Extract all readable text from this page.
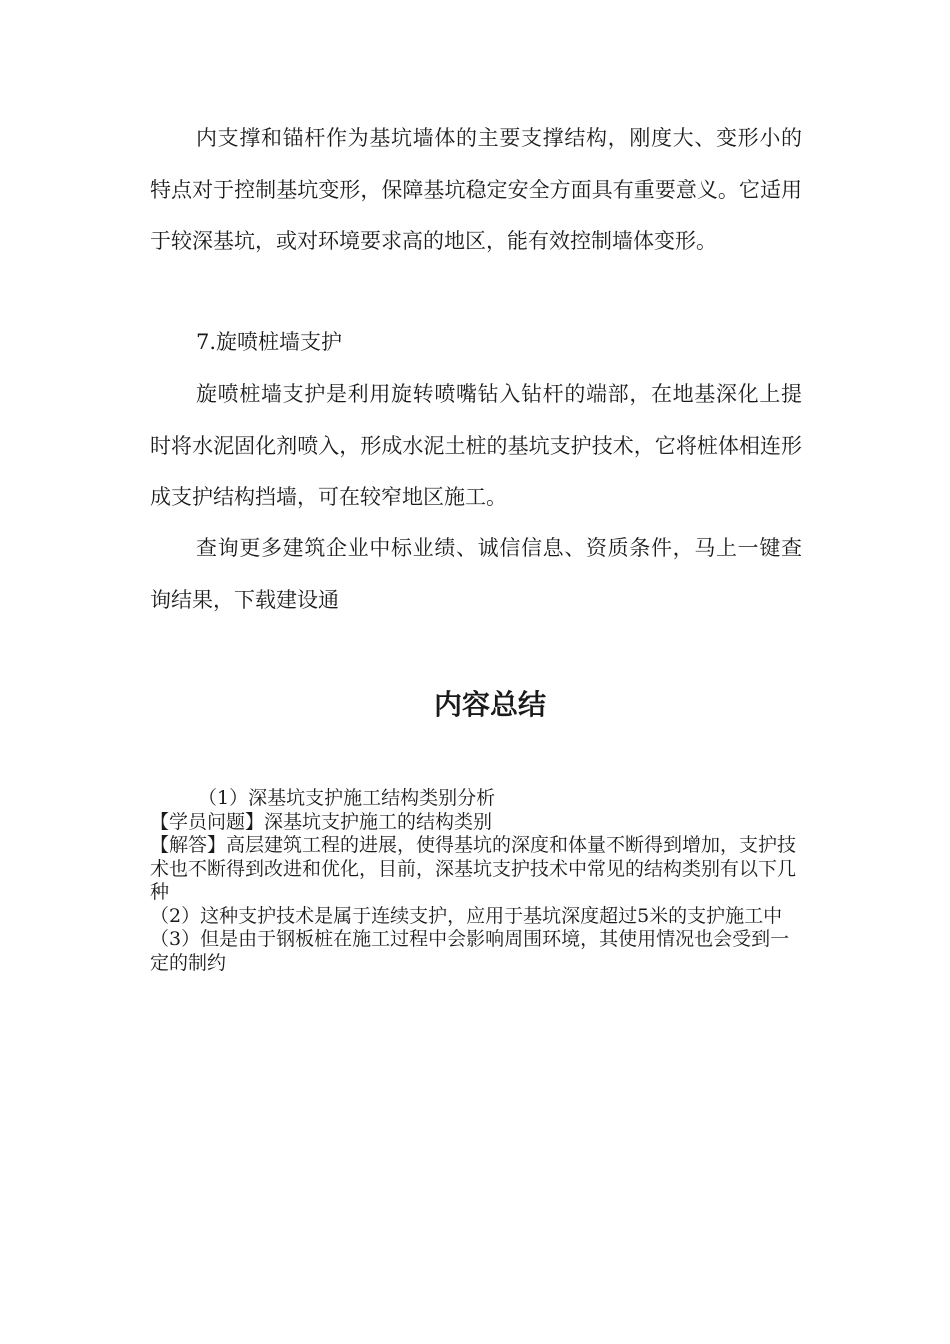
内支撑和锚杆作为基坑墙体的主要支撑结构，刚度大、变形小的特点对于控制基坑变形，保障基坑稳定安全方面具有重要意义。它适用于较深基坑，或对环境要求高的地区，能有效控制墙体变形。

7.旋喷桩墙支护

旋喷桩墙支护是利用旋转喷嘴钻入钻杆的端部，在地基深化上提时将水泥固化剂喷入，形成水泥土桩的基坑支护技术，它将桩体相连形成支护结构挡墙，可在较窄地区施工。

查询更多建筑企业中标业绩、诚信信息、资质条件，马上一键查询结果，下载建设通

内容总结

（1）深基坑支护施工结构类别分析

【学员问题】深基坑支护施工的结构类别

【解答】高层建筑工程的进展，使得基坑的深度和体量不断得到增加，支护技术也不断得到改进和优化，目前，深基坑支护技术中常见的结构类别有以下几种

（2）这种支护技术是属于连续支护，应用于基坑深度超过5米的支护施工中

（3）但是由于钢板桩在施工过程中会影响周围环境，其使用情况也会受到一定的制约
